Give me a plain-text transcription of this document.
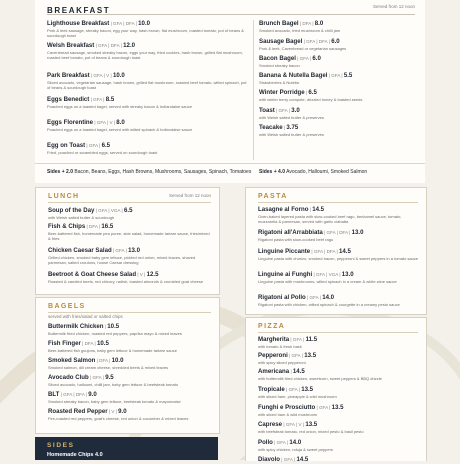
BREAKFAST	Served from 12 noon
Lighthouse Breakfast | GFA | DFA | 10.0
Pork & leek sausage, streaky bacon, egg your way, hash brown, flat mushroom, roasted tomato, pot of beans & sourdough toast
Welsh Breakfast | GFA | DFA | 12.0
Cavenbread sausage, smoked streaky bacon, eggs your way, fried cockles, hash brown, grilled flat mushroom, roasted beef tomato, pot of beans & sourdough toast
Park Breakfast | GFA | V | 10.0
Sliced avocado, vegetarian sausage, hash brown, grilled flat mushroom, roasted beef tomato, wilted spinach, pot of beans & sourdough toast
Eggs Benedict | GFA | 8.5
Poached eggs on a toasted bagel, served with streaky bacon & hollandaise sauce
Eggs Florentine | GFA | V | 8.0
Poached eggs on a toasted bagel, served with wilted spinach & hollandaise sauce
Egg on Toast | GFA | 6.5
Fried, poached or scrambled eggs, served on sourdough toast
Brunch Bagel | DFA | 8.0
Smoked avocado, fried mushroom & chilli jam
Sausage Bagel | GFA | DFA | 6.0
Pork & leek, Cavenbread or vegetarian sausages
Bacon Bagel | GFA | 6.0
Smoked streaky bacon
Banana & Nutella Bagel | GFA | 5.5
Strawberries & Nutella
Winter Porridge | 6.5
with winter berry compote, drizzled honey & toasted seeds
Toast | GFA | 3.0
with Welsh salted butter & preserves
Teacake | 3.75
with Welsh salted butter & preserves
Sides + 2.0 Bacon, Beans, Eggs, Hash Browns, Mushrooms, Sausages, Spinach, Tomatoes Sides + 4.0 Avocado, Halloumi, Smoked Salmon
LUNCH	Served from 12 noon
Soup of the Day | GFA | VGA | 6.5
with Welsh salted butter & sourdough
Fish & Chips | DFA | 16.5
Beer-battered fish, homemade pea puree, side salad, homemade tartare sauce, fries/mixed & fries
Chicken Caesar Salad | GFA | 13.0
Grilled chicken, smoked baby gem lettuce, pickled red onion, mixed leaves, shaved parmesan, salted croutons, house Caesar dressing
Beetroot & Goat Cheese Salad | V | 12.5
Roasted & candied beets, red chicory, radish, toasted almonds & crumbled goat cheese
BAGELS
served with fries/salad or salted chips
Buttermilk Chicken | 10.5
Buttermilk fried chicken, roasted red peppers, paprika mayo & mixed leaves
Fish Finger | DFA | 10.5
Beer-battered fish goujons, baby gem lettuce & homemade tartare sauce
Smoked Salmon | DFA | 10.0
Smoked salmon, dill cream cheese, shredded beets & mixed leaves
Avocado Club | GFA | 9.5
Sliced avocado, halloumi, chilli jam, baby gem lettuce & beefsteak tomato
BLT | GFA | DFA | 9.0
Smoked streaky bacon, baby gem lettuce, beefsteak tomato & mayonnaise
Roasted Red Pepper | V | 9.0
Fire-roasted red peppers, goat's cheese, red onion & cucumber & mixed leaves
SIDES
Homemade Chips 4.0
PASTA
Lasagne al Forno | 14.5
Oven-baked layered pasta with slow-cooked beef ragu, bechamel sauce, tomato, mozzarella & parmesan, served with garlic ciabatta
Rigatoni all'Arrabbiata | GFA | DFA | 13.0
Rigatoni pasta with slow-cooked beef ragu
Linguine Piccante | GFA | DFA | 14.5
Linguine pasta with chorizo, smoked bacon, pepperoni & sweet peppers in a tomato sauce
Linguine ai Funghi | GFA | VGA | 13.0
Linguine pasta with mushrooms, wilted spinach in a cream & white wine sauce
Rigatoni al Pollo | GFA | 14.0
Rigatoni pasta with chicken, wilted spinach & courgette in a creamy pesto sauce
PIZZA
Margherita | GFA | 11.5
with tomato & fresh basil
Pepperoni | GFA | 13.5
with spicy sliced pepperoni
Americana | 14.5
with buttermilk fried chicken, sweetcorn, sweet peppers & BBQ drizzle
Tropicale | GFA | 13.5
with sliced ham, pineapple & wild mushroom
Funghi e Prosciutto | GFA | 13.5
with sliced ham & wild mushroom
Caprese | GFA | V | 13.5
with beefsteak tomato, red onion, mixed pesto & basil pesto
Pollo | GFA | 14.0
with spicy chicken, nduja & sweet peppers
Diavolo | GFA | 14.5
